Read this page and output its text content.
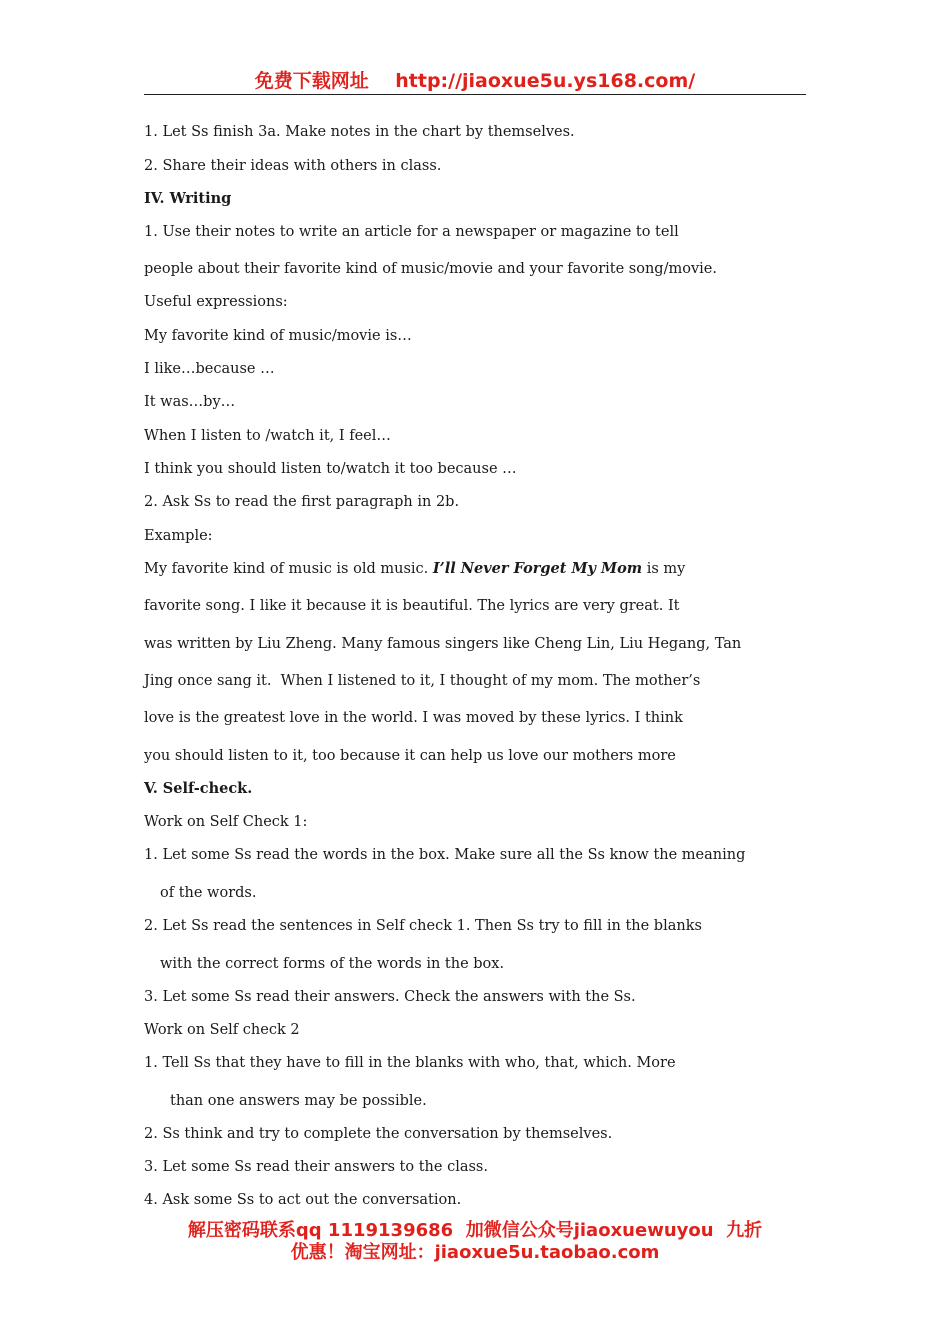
免费下载网址    http://jiaoxue5u.ys168.com/
1. Let Ss finish 3a. Make notes in the chart by themselves.
2. Share their ideas with others in class.
IV. Writing
1. Use their notes to write an article for a newspaper or magazine to tell
people about their favorite kind of music/movie and your favorite song/movie.
Useful expressions:
My favorite kind of music/movie is…
I like…because …
It was…by…
When I listen to /watch it, I feel…
I think you should listen to/watch it too because …
2. Ask Ss to read the first paragraph in 2b.
Example:
My favorite kind of music is old music. I’ll Never Forget My Mom is my
favorite song. I like it because it is beautiful. The lyrics are very great. It
was written by Liu Zheng. Many famous singers like Cheng Lin, Liu Hegang, Tan
Jing once sang it.  When I listened to it, I thought of my mom. The mother’s
love is the greatest love in the world. I was moved by these lyrics. I think
you should listen to it, too because it can help us love our mothers more
V. Self-check.
Work on Self Check 1:
1. Let some Ss read the words in the box. Make sure all the Ss know the meaning
of the words.
2. Let Ss read the sentences in Self check 1. Then Ss try to fill in the blanks
with the correct forms of the words in the box.
3. Let some Ss read their answers. Check the answers with the Ss.
Work on Self check 2
1. Tell Ss that they have to fill in the blanks with who, that, which. More
than one answers may be possible.
2. Ss think and try to complete the conversation by themselves.
3. Let some Ss read their answers to the class.
4. Ask some Ss to act out the conversation.
解压密码联系qq 1119139686  加微信公众号jiaoxuewuyou  九折
优惠！淘宝网址：jiaoxue5u.taobao.com
